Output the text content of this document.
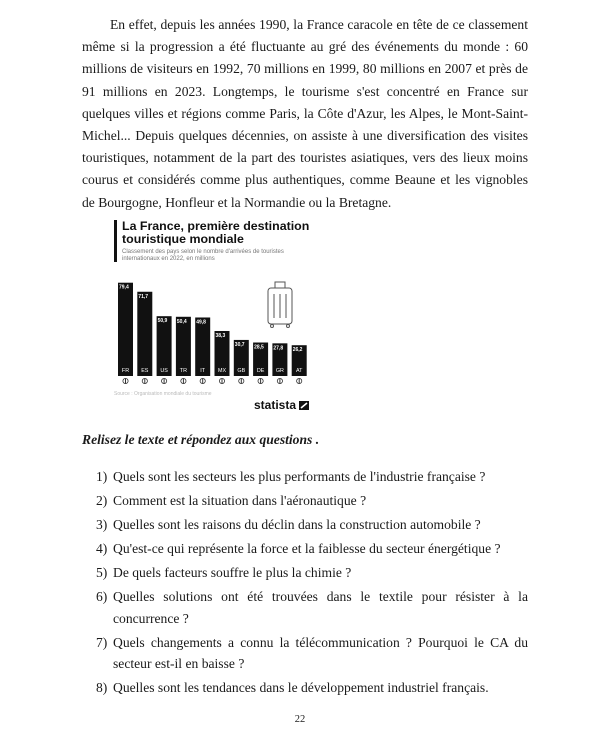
En effet, depuis les années 1990, la France caracole en tête de ce classement même si la progression a été fluctuante au gré des événements du monde : 60 millions de visiteurs en 1992, 70 millions en 1999, 80 millions en 2007 et près de 91 millions en 2023. Longtemps, le tourisme s'est concentré en France sur quelques villes et régions comme Paris, la Côte d'Azur, les Alpes, le Mont-Saint-Michel... Depuis quelques décennies, on assiste à une diversification des visites touristiques, notamment de la part des touristes asiatiques, vers des lieux moins courus et considérés comme plus authentiques, comme Beaune et les vignobles de Bourgogne, Honfleur et la Normandie ou la Bretagne.

La France, première destination touristique mondiale
Classement des pays selon le nombre d'arrivées de touristes internationaux en 2022, en millions
79,4
FR
71,7
ES
50,9
US
50,4
TR
49,8
IT
38,3
MX
30,7
GB
28,5
DE
27,8
GR
26,2
AT
Source : Organisation mondiale du tourisme
statista

Relisez le texte et répondez aux questions .

1) Quels sont les secteurs les plus performants de l'industrie française ?
2) Comment est la situation dans l'aéronautique ?
3) Quelles sont les raisons du déclin dans la construction automobile ?
4) Qu'est-ce qui représente la force et la faiblesse du secteur énergétique ?
5) De quels facteurs souffre le plus la chimie ?
6) Quelles solutions ont été trouvées dans le textile pour résister à la concurrence ?
7) Quels changements a connu la télécommunication ? Pourquoi le CA du secteur est-il en baisse ?
8) Quelles sont les tendances dans le développement industriel français.
22
